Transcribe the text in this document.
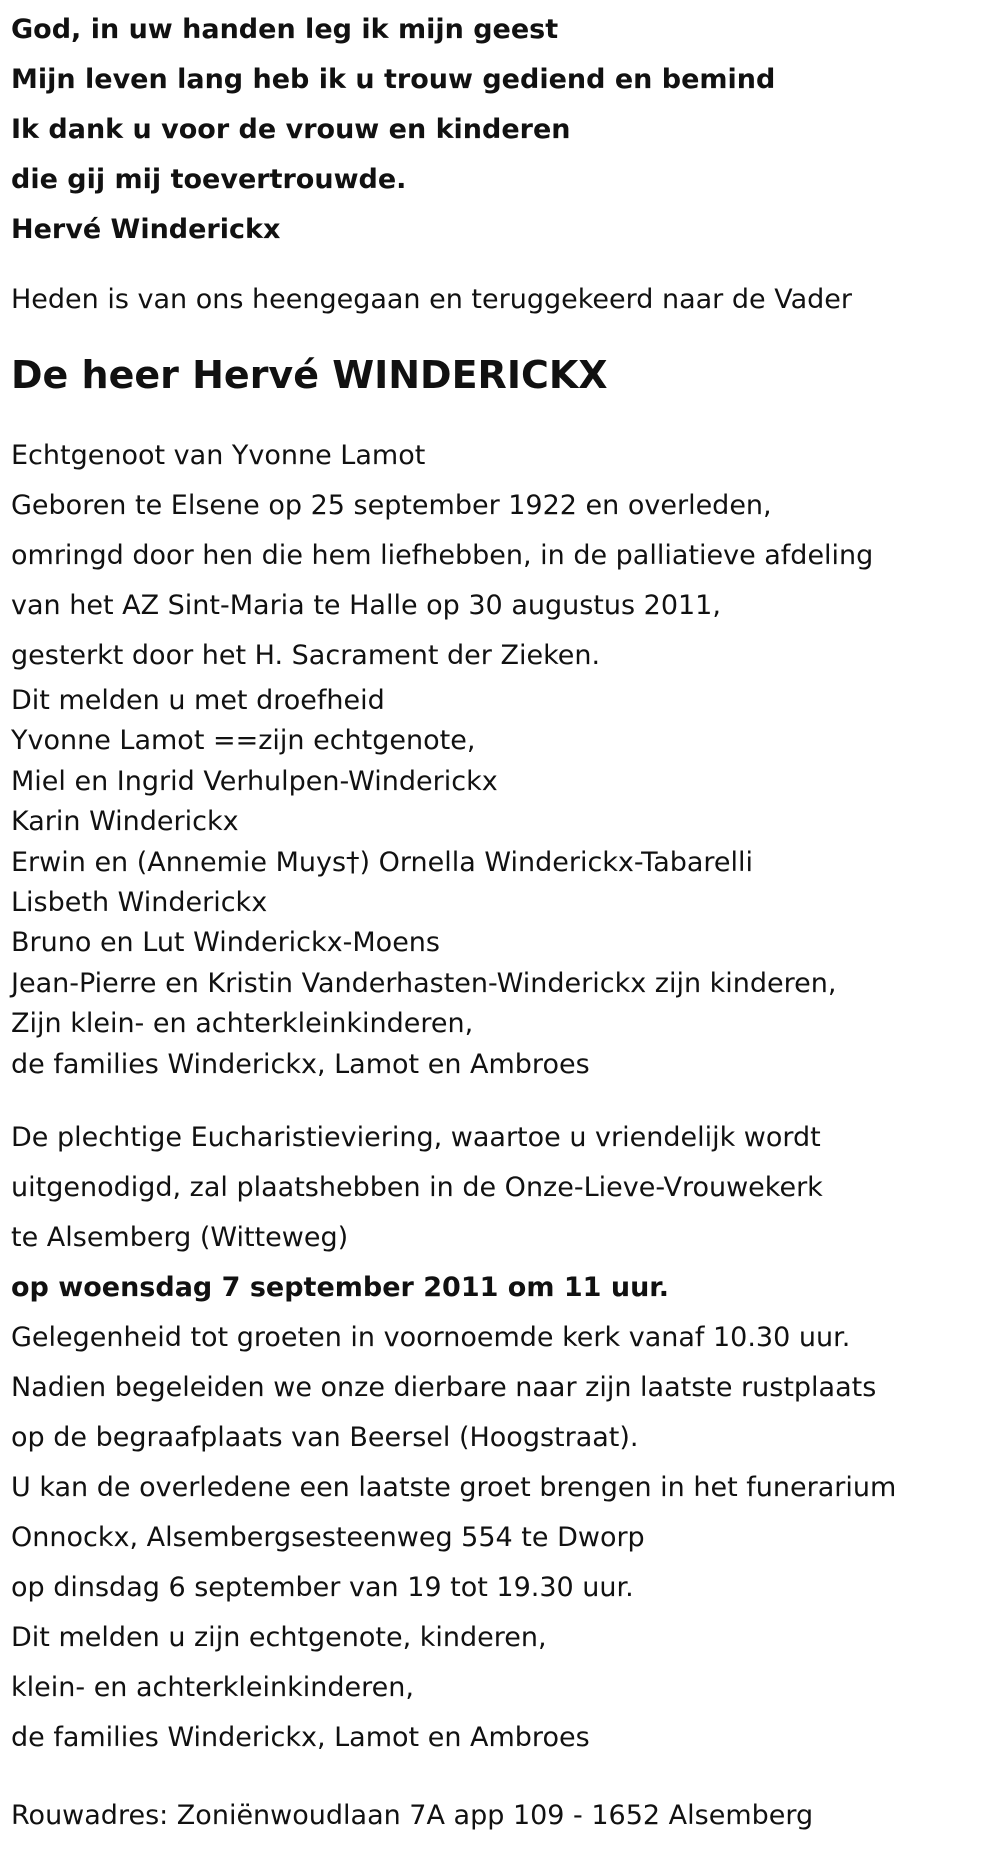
God, in uw handen leg ik mijn geest

Mijn leven lang heb ik u trouw gediend en bemind

Ik dank u voor de vrouw en kinderen

die gij mij toevertrouwde.

Hervé Winderickx

Heden is van ons heengegaan en teruggekeerd naar de Vader

De heer Hervé WINDERICKX

Echtgenoot van Yvonne Lamot

Geboren te Elsene op 25 september 1922 en overleden,

omringd door hen die hem liefhebben, in de palliatieve afdeling

van het AZ Sint-Maria te Halle op 30 augustus 2011,

gesterkt door het H. Sacrament der Zieken.

Dit melden u met droefheid

Yvonne Lamot ==zijn echtgenote,

Miel en Ingrid Verhulpen-Winderickx

Karin Winderickx

Erwin en (Annemie Muys†) Ornella Winderickx-Tabarelli

Lisbeth Winderickx

Bruno en Lut Winderickx-Moens

Jean-Pierre en Kristin Vanderhasten-Winderickx zijn kinderen,

Zijn klein- en achterkleinkinderen,

de families Winderickx, Lamot en Ambroes

De plechtige Eucharistieviering, waartoe u vriendelijk wordt

uitgenodigd, zal plaatshebben in de Onze-Lieve-Vrouwekerk

te Alsemberg (Witteweg)

op woensdag 7 september 2011 om 11 uur.

Gelegenheid tot groeten in voornoemde kerk vanaf 10.30 uur.

Nadien begeleiden we onze dierbare naar zijn laatste rustplaats

op de begraafplaats van Beersel (Hoogstraat).

U kan de overledene een laatste groet brengen in het funerarium

Onnockx, Alsembergsesteenweg 554 te Dworp

op dinsdag 6 september van 19 tot 19.30 uur.

Dit melden u zijn echtgenote, kinderen,

klein- en achterkleinkinderen,

de families Winderickx, Lamot en Ambroes

Rouwadres: Zoniënwoudlaan 7A app 109 - 1652 Alsemberg
